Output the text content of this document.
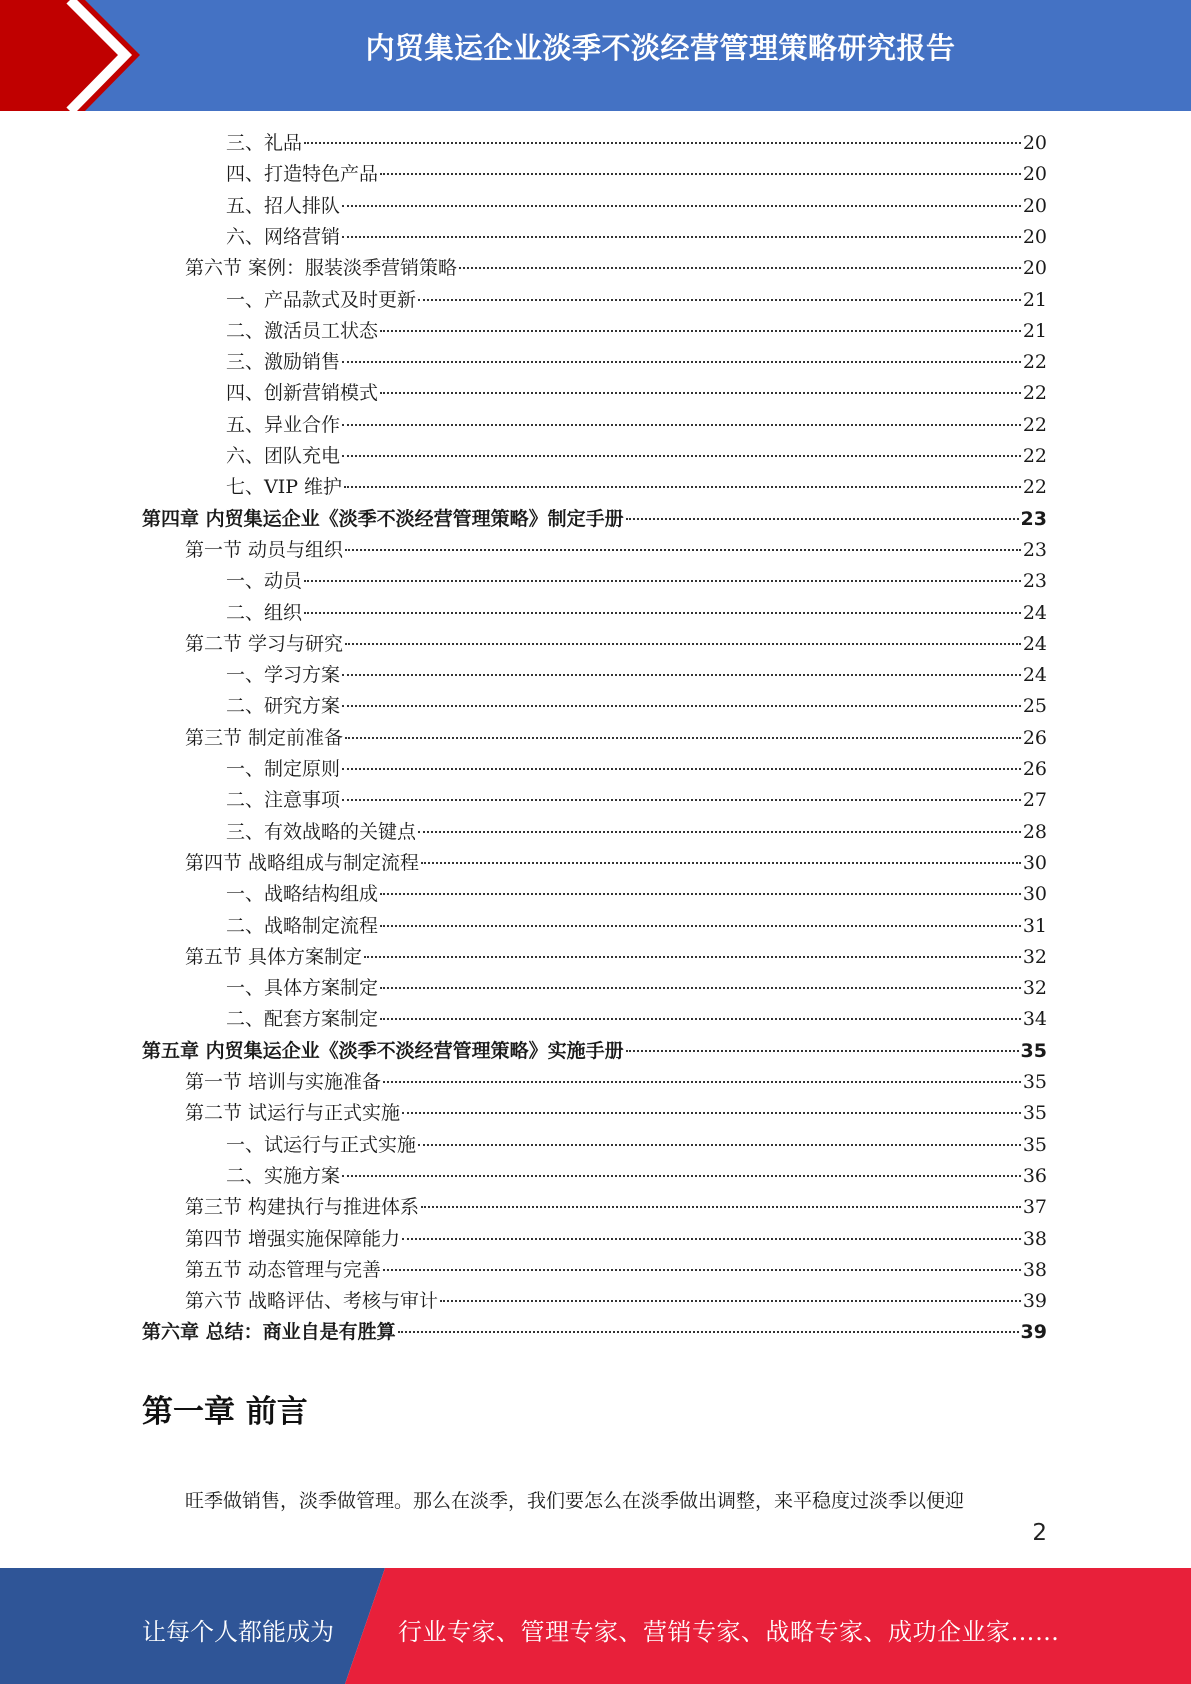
内贸集运企业淡季不淡经营管理策略研究报告
三、礼品	20
四、打造特色产品	20
五、招人排队	20
六、网络营销	20
第六节 案例：服装淡季营销策略	20
一、产品款式及时更新	21
二、激活员工状态	21
三、激励销售	22
四、创新营销模式	22
五、异业合作	22
六、团队充电	22
七、VIP 维护	22
第四章 内贸集运企业《淡季不淡经营管理策略》制定手册	23
第一节 动员与组织	23
一、动员	23
二、组织	24
第二节 学习与研究	24
一、学习方案	24
二、研究方案	25
第三节 制定前准备	26
一、制定原则	26
二、注意事项	27
三、有效战略的关键点	28
第四节 战略组成与制定流程	30
一、战略结构组成	30
二、战略制定流程	31
第五节 具体方案制定	32
一、具体方案制定	32
二、配套方案制定	34
第五章 内贸集运企业《淡季不淡经营管理策略》实施手册	35
第一节 培训与实施准备	35
第二节 试运行与正式实施	35
一、试运行与正式实施	35
二、实施方案	36
第三节 构建执行与推进体系	37
第四节 增强实施保障能力	38
第五节 动态管理与完善	38
第六节 战略评估、考核与审计	39
第六章 总结：商业自是有胜算	39
第一章 前言
旺季做销售，淡季做管理。那么在淡季，我们要怎么在淡季做出调整，来平稳度过淡季以便迎
2
让每个人都能成为	行业专家、管理专家、营销专家、战略专家、成功企业家……
